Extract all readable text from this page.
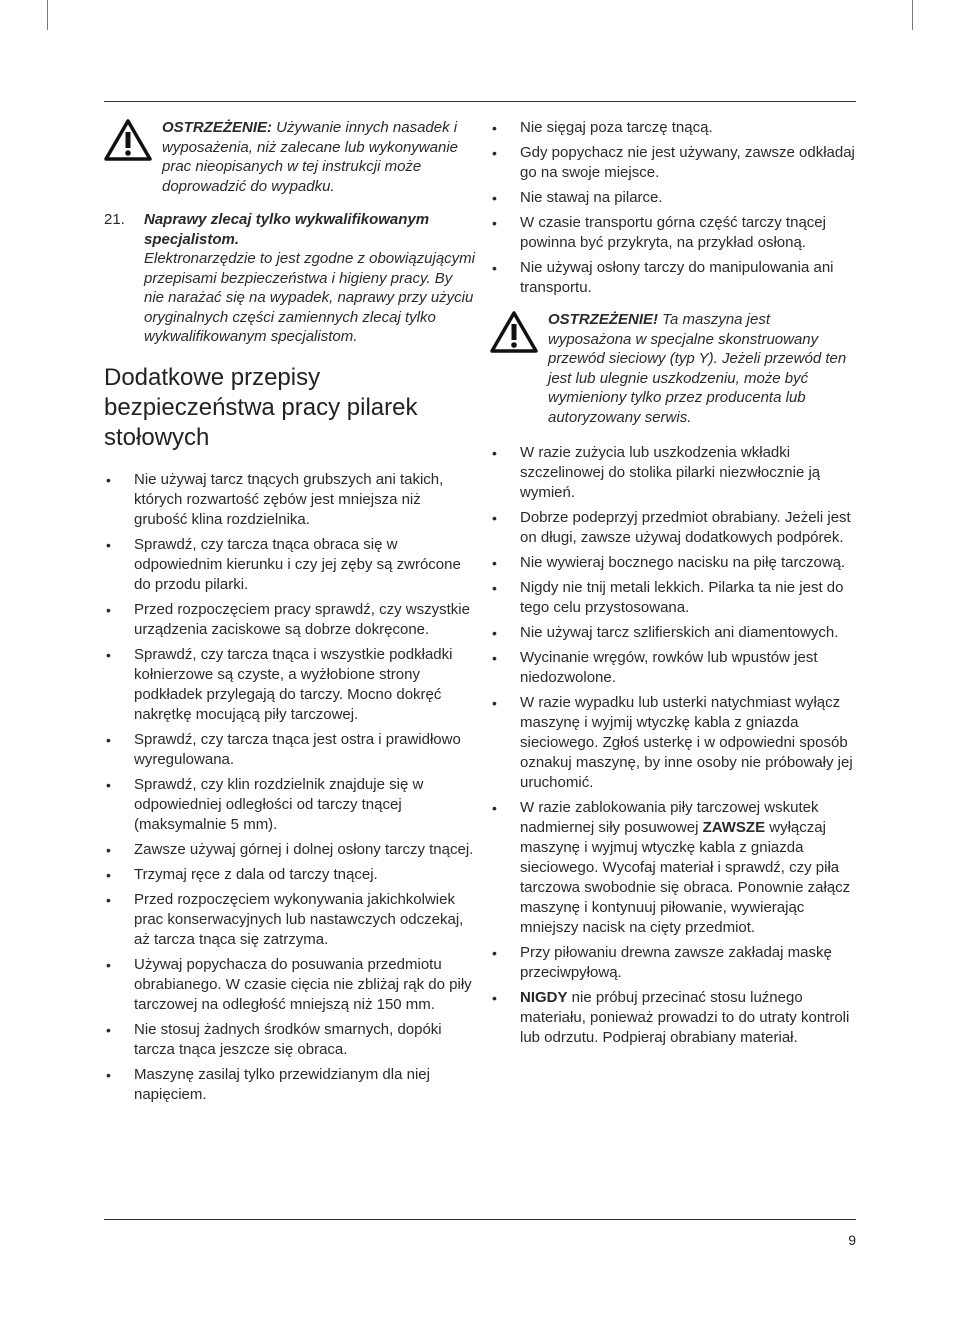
OSTRZEŻENIE: Używanie innych nasadek i wyposażenia, niż zalecane lub wykonywanie prac nieopisanych w tej instrukcji może doprowadzić do wypadku.
21. Naprawy zlecaj tylko wykwalifikowanym specjalistom.
Elektronarzędzie to jest zgodne z obowiązującymi przepisami bezpieczeństwa i higieny pracy. By nie narażać się na wypadek, naprawy przy użyciu oryginalnych części zamiennych zlecaj tylko wykwalifikowanym specjalistom.
Dodatkowe przepisy bezpieczeństwa pracy pilarek stołowych
• Nie używaj tarcz tnących grubszych ani takich, których rozwartość zębów jest mniejsza niż grubość klina rozdzielnika.
• Sprawdź, czy tarcza tnąca obraca się w odpowiednim kierunku i czy jej zęby są zwrócone do przodu pilarki.
• Przed rozpoczęciem pracy sprawdź, czy wszystkie urządzenia zaciskowe są dobrze dokręcone.
• Sprawdź, czy tarcza tnąca i wszystkie podkładki kołnierzowe są czyste, a wyżłobione strony podkładek przylegają do tarczy. Mocno dokręć nakrętkę mocującą piły tarczowej.
• Sprawdź, czy tarcza tnąca jest ostra i prawidłowo wyregulowana.
• Sprawdź, czy klin rozdzielnik znajduje się w odpowiedniej odległości od tarczy tnącej (maksymalnie 5 mm).
• Zawsze używaj górnej i dolnej osłony tarczy tnącej.
• Trzymaj ręce z dala od tarczy tnącej.
• Przed rozpoczęciem wykonywania jakichkolwiek prac konserwacyjnych lub nastawczych odczekaj, aż tarcza tnąca się zatrzyma.
• Używaj popychacza do posuwania przedmiotu obrabianego. W czasie cięcia nie zbliżaj rąk do piły tarczowej na odległość mniejszą niż 150 mm.
• Nie stosuj żadnych środków smarnych, dopóki tarcza tnąca jeszcze się obraca.
• Maszynę zasilaj tylko przewidzianym dla niej napięciem.
• Nie sięgaj poza tarczę tnącą.
• Gdy popychacz nie jest używany, zawsze odkładaj go na swoje miejsce.
• Nie stawaj na pilarce.
• W czasie transportu górna część tarczy tnącej powinna być przykryta, na przykład osłoną.
• Nie używaj osłony tarczy do manipulowania ani transportu.
OSTRZEŻENIE! Ta maszyna jest wyposażona w specjalne skonstruowany przewód sieciowy (typ Y). Jeżeli przewód ten jest lub ulegnie uszkodzeniu, może być wymieniony tylko przez producenta lub autoryzowany serwis.
• W razie zużycia lub uszkodzenia wkładki szczelinowej do stolika pilarki niezwłocznie ją wymień.
• Dobrze podeprzyj przedmiot obrabiany. Jeżeli jest on długi, zawsze używaj dodatkowych podpórek.
• Nie wywieraj bocznego nacisku na piłę tarczową.
• Nigdy nie tnij metali lekkich. Pilarka ta nie jest do tego celu przystosowana.
• Nie używaj tarcz szlifierskich ani diamentowych.
• Wycinanie wręgów, rowków lub wpustów jest niedozwolone.
• W razie wypadku lub usterki natychmiast wyłącz maszynę i wyjmij wtyczkę kabla z gniazda sieciowego. Zgłoś usterkę i w odpowiedni sposób oznakuj maszynę, by inne osoby nie próbowały jej uruchomić.
• W razie zablokowania piły tarczowej wskutek nadmiernej siły posuwowej ZAWSZE wyłączaj maszynę i wyjmuj wtyczkę kabla z gniazda sieciowego. Wycofaj materiał i sprawdź, czy piła tarczowa swobodnie się obraca. Ponownie załącz maszynę i kontynuuj piłowanie, wywierając mniejszy nacisk na cięty przedmiot.
• Przy piłowaniu drewna zawsze zakładaj maskę przeciwpyłową.
• NIGDY nie próbuj przecinać stosu luźnego materiału, ponieważ prowadzi to do utraty kontroli lub odrzutu. Podpieraj obrabiany materiał.
9
